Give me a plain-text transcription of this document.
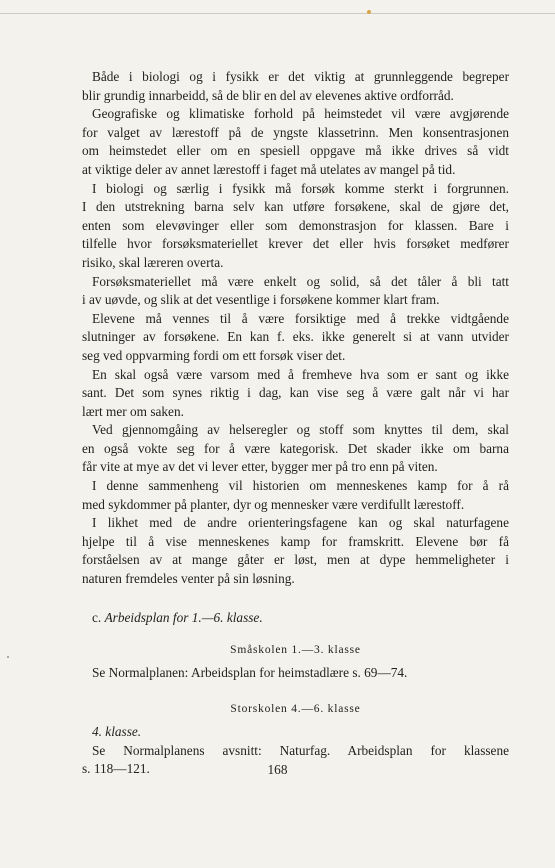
Både i biologi og i fysikk er det viktig at grunnleggende begreper
blir grundig innarbeidd, så de blir en del av elevenes aktive ordforråd.
Geografiske og klimatiske forhold på heimstedet vil være avgjørende
for valget av lærestoff på de yngste klassetrinn. Men konsentrasjonen
om heimstedet eller om en spesiell oppgave må ikke drives så vidt
at viktige deler av annet lærestoff i faget må utelates av mangel på tid.
I biologi og særlig i fysikk må forsøk komme sterkt i forgrunnen.
I den utstrekning barna selv kan utføre forsøkene, skal de gjøre det,
enten som elevøvinger eller som demonstrasjon for klassen. Bare i
tilfelle hvor forsøksmateriellet krever det eller hvis forsøket medfører
risiko, skal læreren overta.
Forsøksmateriellet må være enkelt og solid, så det tåler å bli tatt
i av uøvde, og slik at det vesentlige i forsøkene kommer klart fram.
Elevene må vennes til å være forsiktige med å trekke vidtgående
slutninger av forsøkene. En kan f. eks. ikke generelt si at vann utvider
seg ved oppvarming fordi om ett forsøk viser det.
En skal også være varsom med å fremheve hva som er sant og ikke
sant. Det som synes riktig i dag, kan vise seg å være galt når vi har
lært mer om saken.
Ved gjennomgåing av helseregler og stoff som knyttes til dem, skal
en også vokte seg for å være kategorisk. Det skader ikke om barna
får vite at mye av det vi lever etter, bygger mer på tro enn på viten.
I denne sammenheng vil historien om menneskenes kamp for å rå
med sykdommer på planter, dyr og mennesker være verdifullt lærestoff.
I likhet med de andre orienteringsfagene kan og skal naturfagene
hjelpe til å vise menneskenes kamp for framskritt. Elevene bør få
forståelsen av at mange gåter er løst, men at dype hemmeligheter i
naturen fremdeles venter på sin løsning.
c. Arbeidsplan for 1.—6. klasse.
Småskolen 1.—3. klasse
Se Normalplanen: Arbeidsplan for heimstadlære s. 69—74.
Storskolen 4.—6. klasse
4. klasse.
Se Normalplanens avsnitt: Naturfag. Arbeidsplan for klassene
s. 118—121.	168
